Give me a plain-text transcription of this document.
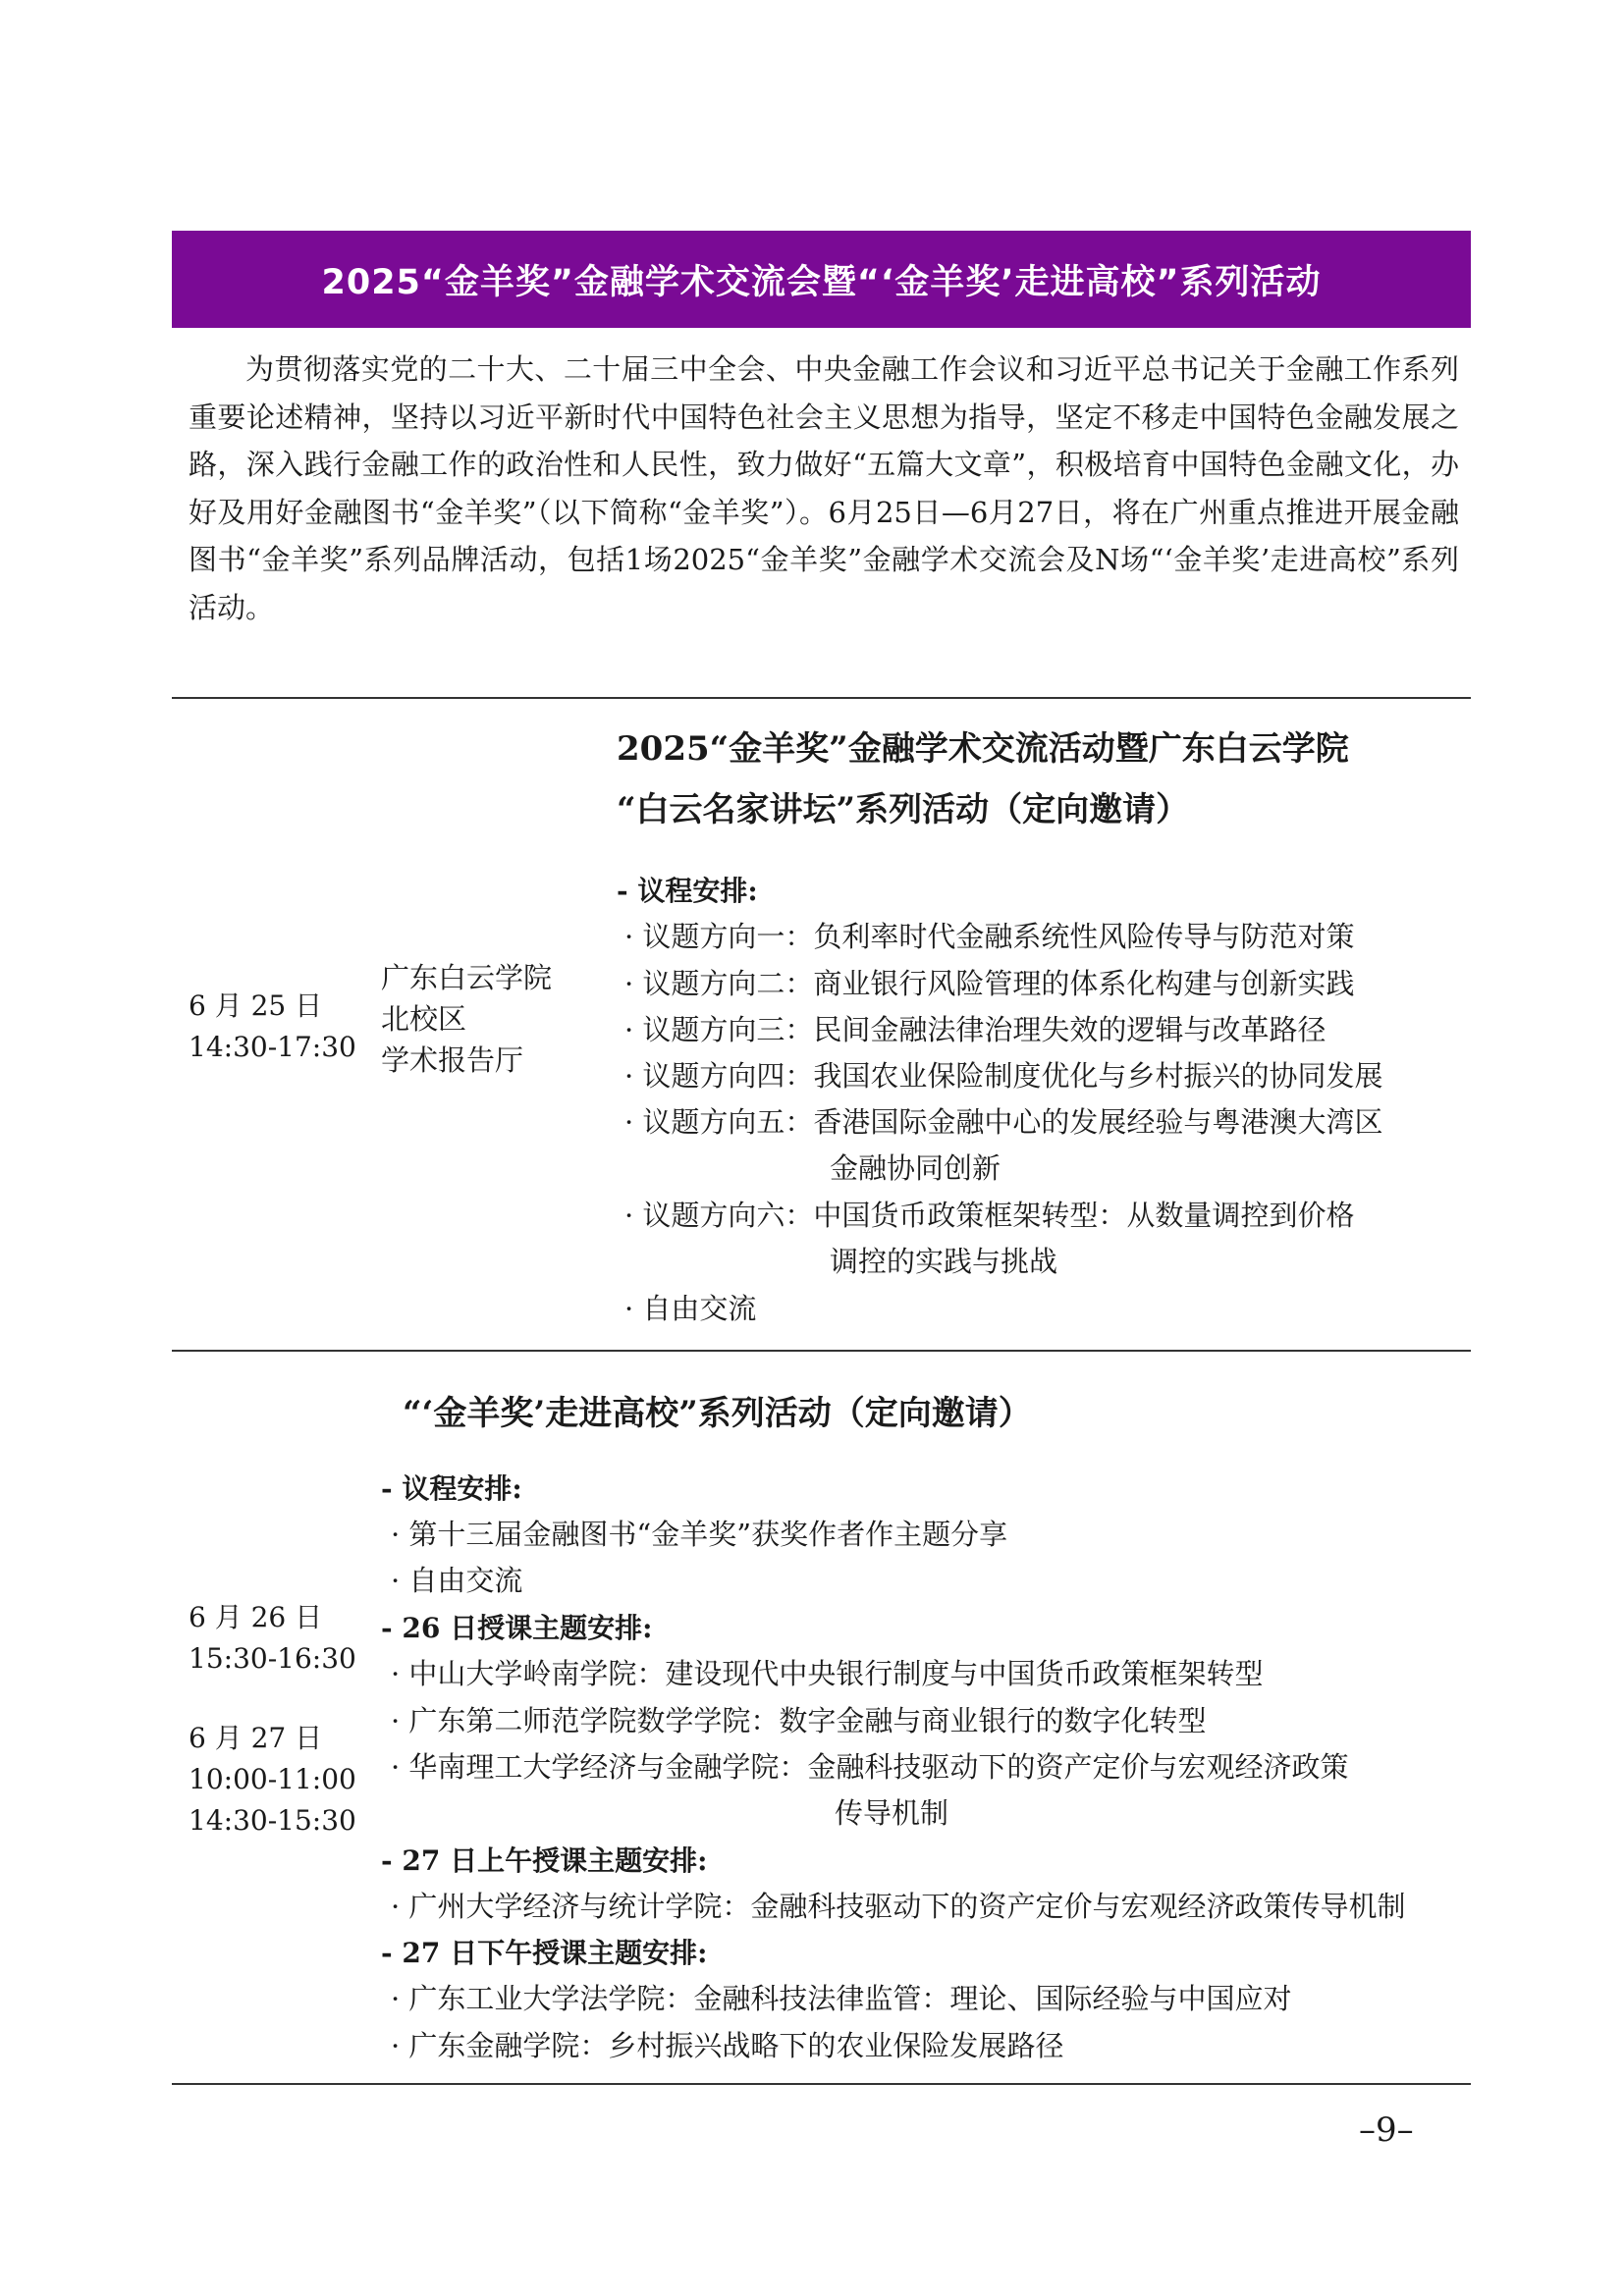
2025“金羊奖”金融学术交流会暨“‘金羊奖’走进高校”系列活动

为贯彻落实党的二十大、二十届三中全会、中央金融工作会议和习近平总书记关于金融工作系列重要论述精神，坚持以习近平新时代中国特色社会主义思想为指导，坚定不移走中国特色金融发展之路，深入践行金融工作的政治性和人民性，致力做好“五篇大文章”，积极培育中国特色金融文化，办好及用好金融图书“金羊奖”（以下简称“金羊奖”）。6月25日—6月27日，将在广州重点推进开展金融图书“金羊奖”系列品牌活动，包括1场2025“金羊奖”金融学术交流会及N场“‘金羊奖’走进高校”系列活动。

2025“金羊奖”金融学术交流活动暨广东白云学院
“白云名家讲坛”系列活动（定向邀请）
6 月 25 日
14:30-17:30
广东白云学院
北校区
学术报告厅
- 议程安排:
· 议题方向一：负利率时代金融系统性风险传导与防范对策
· 议题方向二：商业银行风险管理的体系化构建与创新实践
· 议题方向三：民间金融法律治理失效的逻辑与改革路径
· 议题方向四：我国农业保险制度优化与乡村振兴的协同发展
· 议题方向五：香港国际金融中心的发展经验与粤港澳大湾区
金融协同创新
· 议题方向六：中国货币政策框架转型：从数量调控到价格
调控的实践与挑战
· 自由交流
“‘金羊奖’走进高校”系列活动（定向邀请）
6 月 26 日
15:30-16:30
6 月 27 日
10:00-11:00
14:30-15:30
- 议程安排:
· 第十三届金融图书“金羊奖”获奖作者作主题分享
· 自由交流
- 26 日授课主题安排:
· 中山大学岭南学院：建设现代中央银行制度与中国货币政策框架转型
· 广东第二师范学院数学学院：数字金融与商业银行的数字化转型
· 华南理工大学经济与金融学院：金融科技驱动下的资产定价与宏观经济政策
传导机制
- 27 日上午授课主题安排:
· 广州大学经济与统计学院：金融科技驱动下的资产定价与宏观经济政策传导机制
- 27 日下午授课主题安排:
· 广东工业大学法学院：金融科技法律监管：理论、国际经验与中国应对
· 广东金融学院：乡村振兴战略下的农业保险发展路径
–9–
